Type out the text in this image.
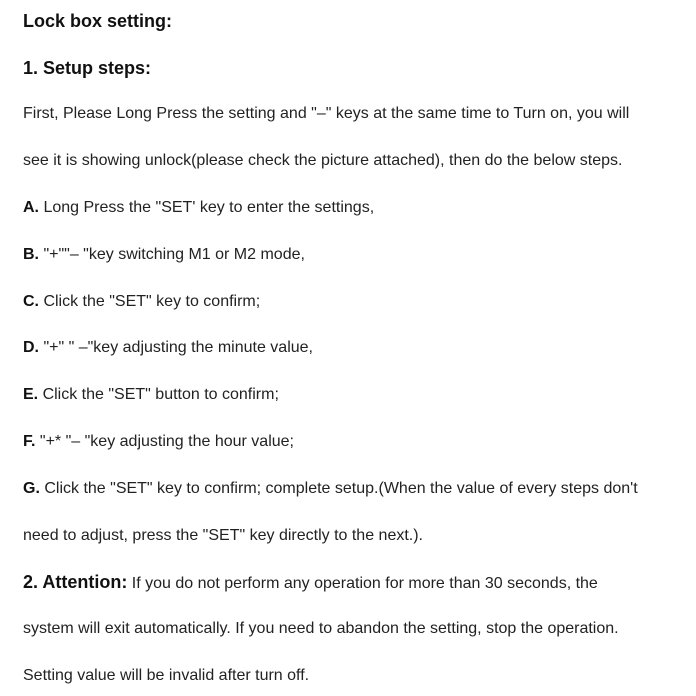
Lock box setting:
1. Setup steps:
First, Please Long Press the setting and "–" keys at the same time to Turn on, you will
see it is showing unlock(please check the picture attached), then do the below steps.
A. Long Press the "SET' key to enter the settings,
B. "+""– "key switching M1 or M2 mode,
C. Click the "SET" key to confirm;
D. "+" " –"key adjusting the minute value,
E. Click the "SET" button to confirm;
F. "+* "– "key adjusting the hour value;
G. Click the "SET" key to confirm; complete setup.(When the value of every steps don't
need to adjust, press the "SET" key directly to the next.).
2. Attention: If you do not perform any operation for more than 30 seconds, the
system will exit automatically. If you need to abandon the setting, stop the operation.
Setting value will be invalid after turn off.
